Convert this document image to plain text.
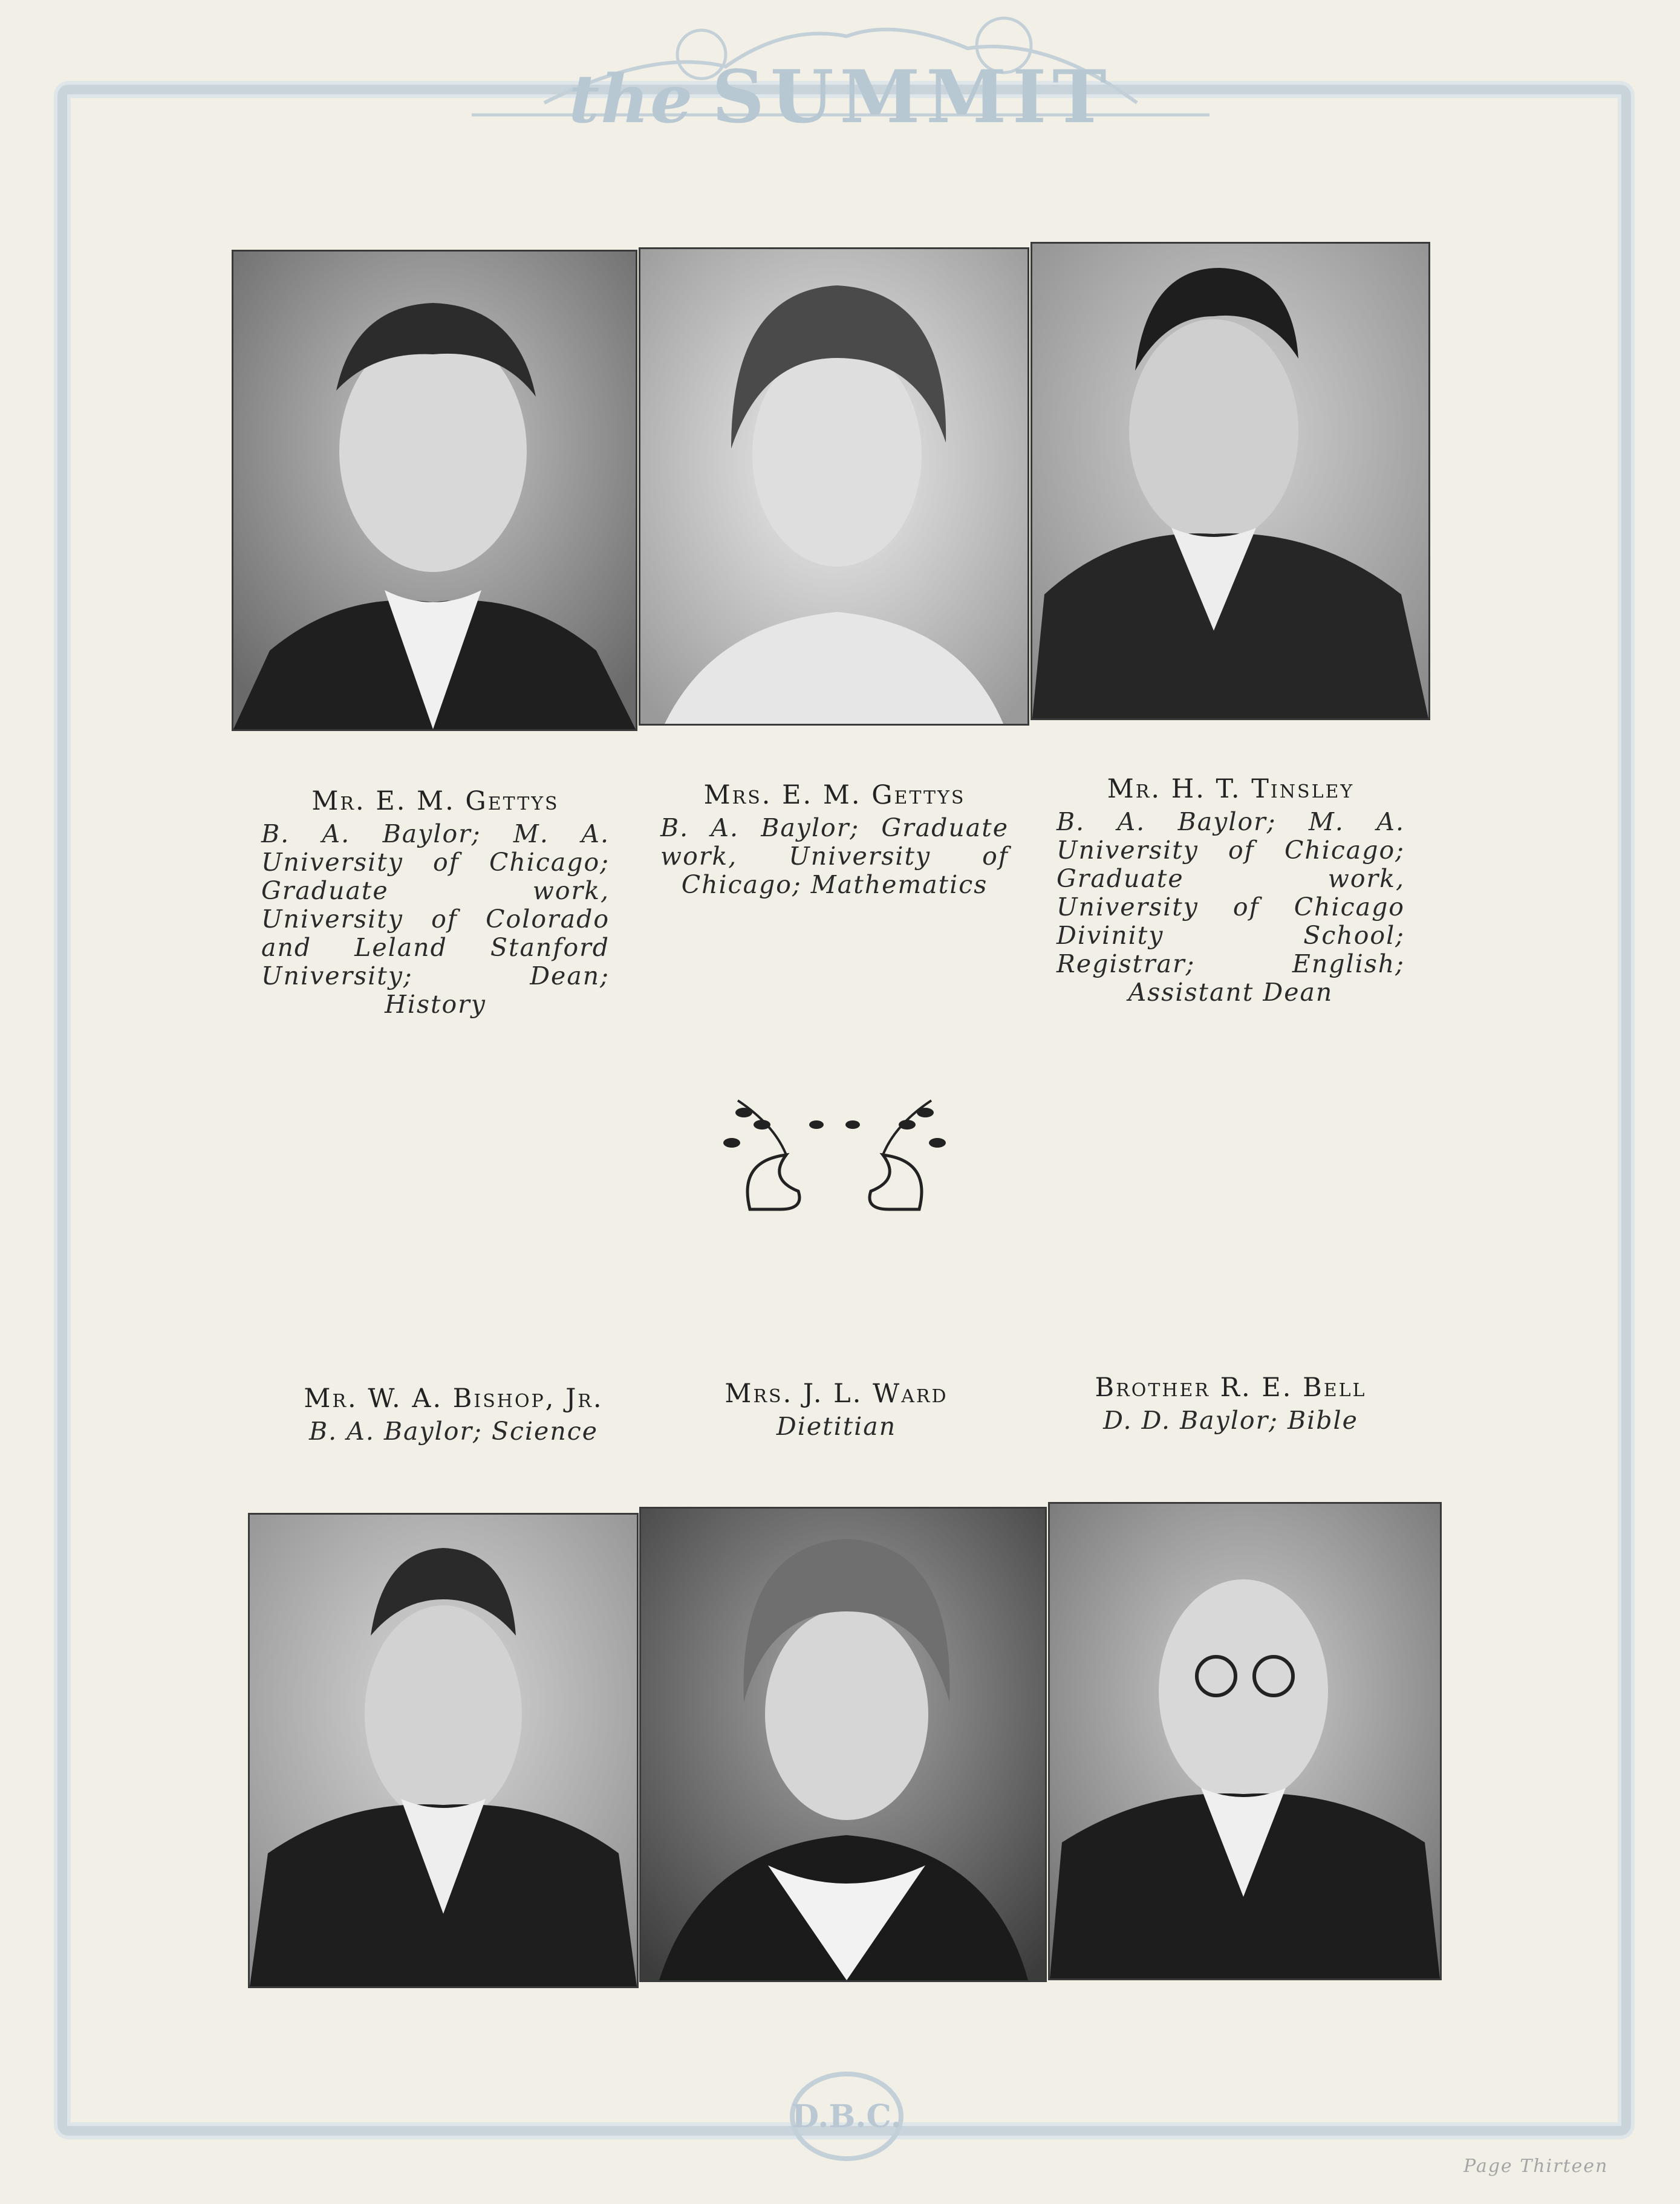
the SUMMIT
Mr. E. M. Gettys
B. A. Baylor; M. A. University of Chicago; Graduate work, University of Colorado and Leland Stanford University; Dean; History
Mrs. E. M. Gettys
B. A. Baylor; Graduate work, University of Chicago; Mathematics
Mr. H. T. Tinsley
B. A. Baylor; M. A. University of Chicago; Graduate work, University of Chicago Divinity School; Registrar; English; Assistant Dean
Mr. W. A. Bishop, Jr.
B. A. Baylor; Science
Mrs. J. L. Ward
Dietitian
Brother R. E. Bell
D. D. Baylor; Bible
D.B.C.
Page Thirteen
